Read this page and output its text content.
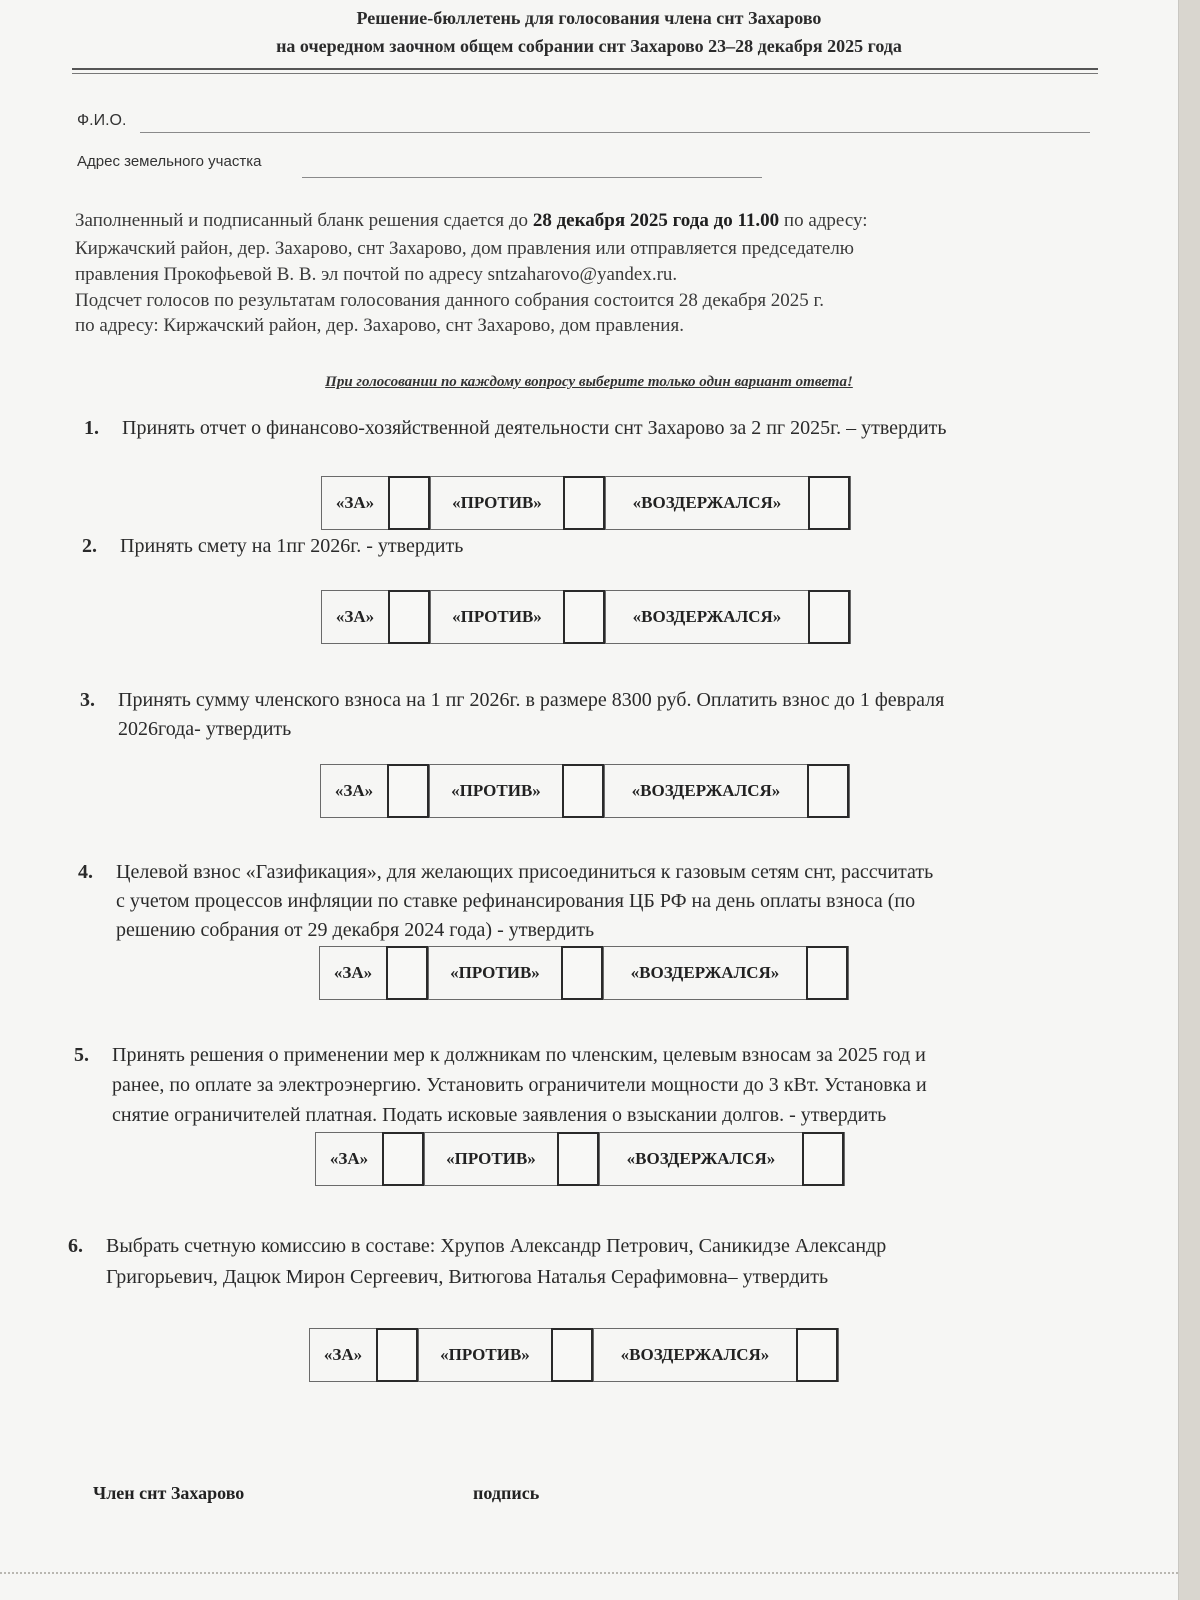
Решение-бюллетень для голосования члена снт Захарово
на очередном заочном общем собрании снт Захарово 23–28 декабря 2025 года
Ф.И.О.
Адрес земельного участка
Заполненный и подписанный бланк решения сдается до 28 декабря 2025 года до 11.00 по адресу:
Киржачский район, дер. Захарово, снт Захарово, дом правления или отправляется председателю
правления Прокофьевой В. В. эл почтой по адресу sntzaharovo@yandex.ru.
Подсчет голосов по результатам голосования данного собрания состоится 28 декабря 2025 г.
по адресу: Киржачский район, дер. Захарово, снт Захарово, дом правления.
При голосовании по каждому вопросу выберите только один вариант ответа!
1. Принять отчет о финансово-хозяйственной деятельности снт Захарово за 2 пг 2025г. – утвердить
«ЗА»	«ПРОТИВ»	«ВОЗДЕРЖАЛСЯ»
2. Принять смету на 1пг 2026г. - утвердить
«ЗА»	«ПРОТИВ»	«ВОЗДЕРЖАЛСЯ»
3. Принять сумму членского взноса на 1 пг 2026г. в размере 8300 руб. Оплатить взнос до 1 февраля
2026года- утвердить
«ЗА»	«ПРОТИВ»	«ВОЗДЕРЖАЛСЯ»
4. Целевой взнос «Газификация», для желающих присоединиться к газовым сетям снт, рассчитать
с учетом процессов инфляции по ставке рефинансирования ЦБ РФ на день оплаты взноса (по
решению собрания от 29 декабря 2024 года) - утвердить
«ЗА»	«ПРОТИВ»	«ВОЗДЕРЖАЛСЯ»
5. Принять решения о применении мер к должникам по членским, целевым взносам за 2025 год и
ранее, по оплате за электроэнергию. Установить ограничители мощности до 3 кВт. Установка и
снятие ограничителей платная. Подать исковые заявления о взыскании долгов. - утвердить
«ЗА»	«ПРОТИВ»	«ВОЗДЕРЖАЛСЯ»
6. Выбрать счетную комиссию в составе: Хрупов Александр Петрович, Саникидзе Александр
Григорьевич, Дацюк Мирон Сергеевич, Витюгова Наталья Серафимовна– утвердить
«ЗА»	«ПРОТИВ»	«ВОЗДЕРЖАЛСЯ»
Член снт Захарово	подпись
